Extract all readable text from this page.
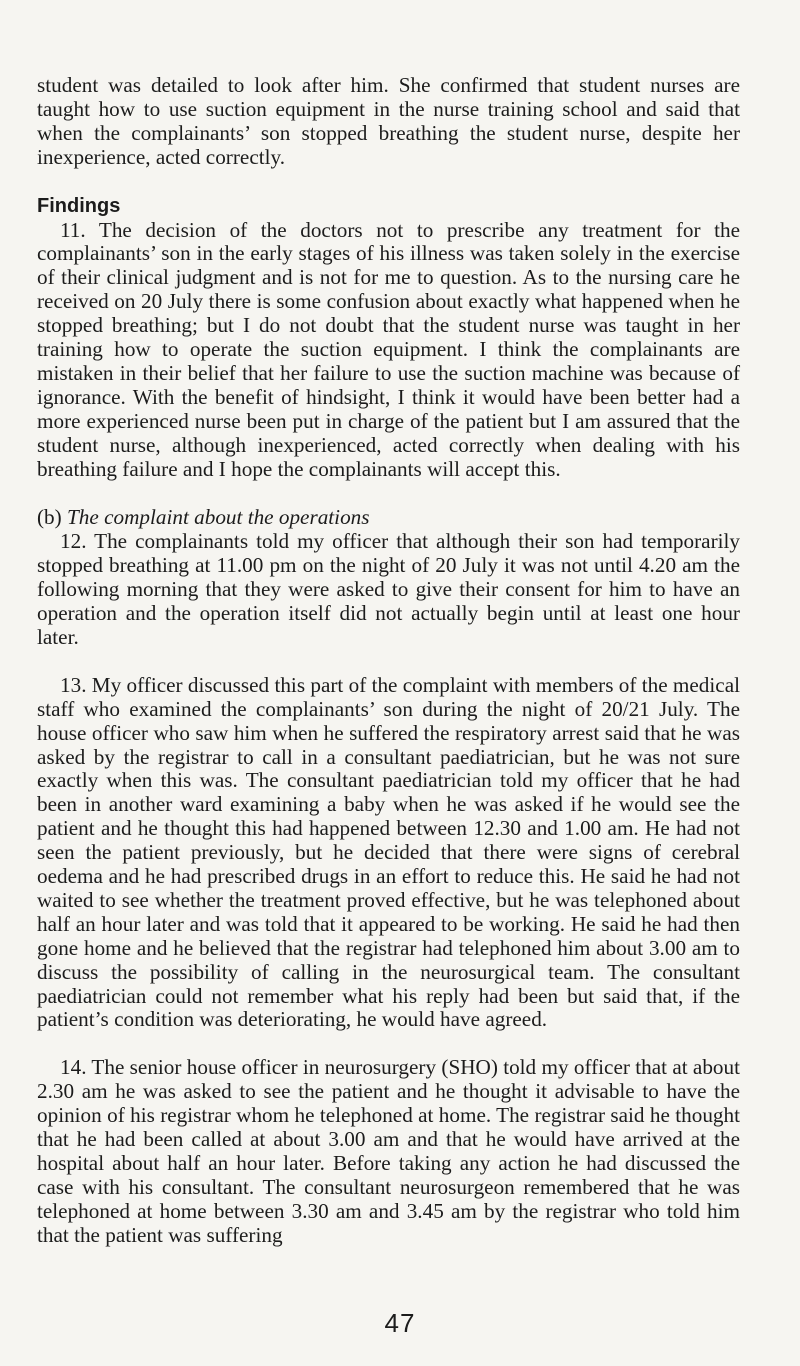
student was detailed to look after him. She confirmed that student nurses are taught how to use suction equipment in the nurse training school and said that when the complainants’ son stopped breathing the student nurse, despite her inexperience, acted correctly.

Findings

11. The decision of the doctors not to prescribe any treatment for the complainants’ son in the early stages of his illness was taken solely in the exercise of their clinical judgment and is not for me to question. As to the nursing care he received on 20 July there is some confusion about exactly what happened when he stopped breathing; but I do not doubt that the student nurse was taught in her training how to operate the suction equipment. I think the complainants are mistaken in their belief that her failure to use the suction machine was because of ignorance. With the benefit of hindsight, I think it would have been better had a more experienced nurse been put in charge of the patient but I am assured that the student nurse, although inexperienced, acted correctly when dealing with his breathing failure and I hope the complainants will accept this.

(b) The complaint about the operations

12. The complainants told my officer that although their son had temporarily stopped breathing at 11.00 pm on the night of 20 July it was not until 4.20 am the following morning that they were asked to give their consent for him to have an operation and the operation itself did not actually begin until at least one hour later.

13. My officer discussed this part of the complaint with members of the medical staff who examined the complainants’ son during the night of 20/21 July. The house officer who saw him when he suffered the respiratory arrest said that he was asked by the registrar to call in a consultant paediatrician, but he was not sure exactly when this was. The consultant paediatrician told my officer that he had been in another ward examining a baby when he was asked if he would see the patient and he thought this had happened between 12.30 and 1.00 am. He had not seen the patient previously, but he decided that there were signs of cerebral oedema and he had prescribed drugs in an effort to reduce this. He said he had not waited to see whether the treatment proved effective, but he was telephoned about half an hour later and was told that it appeared to be working. He said he had then gone home and he believed that the registrar had telephoned him about 3.00 am to discuss the possibility of calling in the neurosurgical team. The consultant paediatrician could not remember what his reply had been but said that, if the patient’s condition was deteriorating, he would have agreed.

14. The senior house officer in neurosurgery (SHO) told my officer that at about 2.30 am he was asked to see the patient and he thought it advisable to have the opinion of his registrar whom he telephoned at home. The registrar said he thought that he had been called at about 3.00 am and that he would have arrived at the hospital about half an hour later. Before taking any action he had discussed the case with his consultant. The consultant neurosurgeon remembered that he was telephoned at home between 3.30 am and 3.45 am by the registrar who told him that the patient was suffering

47
